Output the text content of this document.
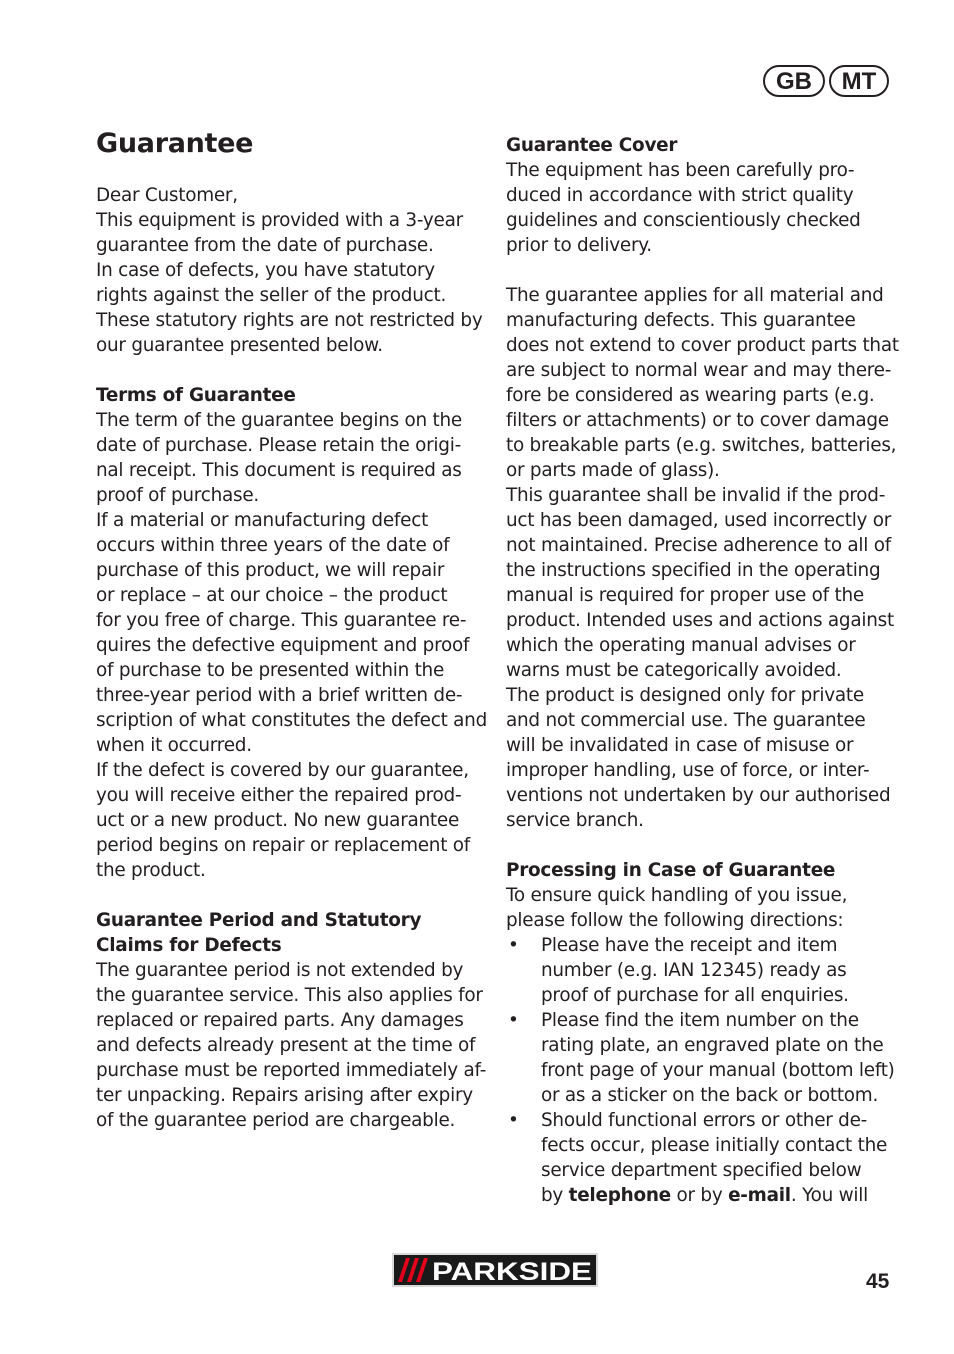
GB	MT
Guarantee

Dear Customer,
This equipment is provided with a 3-year
guarantee from the date of purchase.
In case of defects, you have statutory
rights against the seller of the product.
These statutory rights are not restricted by
our guarantee presented below.

Terms of Guarantee

The term of the guarantee begins on the
date of purchase. Please retain the origi-
nal receipt. This document is required as
proof of purchase.
If a material or manufacturing defect
occurs within three years of the date of
purchase of this product, we will repair
or replace – at our choice – the product
for you free of charge. This guarantee re-
quires the defective equipment and proof
of purchase to be presented within the
three-year period with a brief written de-
scription of what constitutes the defect and
when it occurred.
If the defect is covered by our guarantee,
you will receive either the repaired prod-
uct or a new product. No new guarantee
period begins on repair or replacement of
the product.

Guarantee Period and Statutory
Claims for Defects

The guarantee period is not extended by
the guarantee service. This also applies for
replaced or repaired parts. Any damages
and defects already present at the time of
purchase must be reported immediately af-
ter unpacking. Repairs arising after expiry
of the guarantee period are chargeable.

Guarantee Cover

The equipment has been carefully pro-
duced in accordance with strict quality
guidelines and conscientiously checked
prior to delivery.

The guarantee applies for all material and
manufacturing defects. This guarantee
does not extend to cover product parts that
are subject to normal wear and may there-
fore be considered as wearing parts (e.g.
filters or attachments) or to cover damage
to breakable parts (e.g. switches, batteries,
or parts made of glass).
This guarantee shall be invalid if the prod-
uct has been damaged, used incorrectly or
not maintained. Precise adherence to all of
the instructions specified in the operating
manual is required for proper use of the
product. Intended uses and actions against
which the operating manual advises or
warns must be categorically avoided.
The product is designed only for private
and not commercial use. The guarantee
will be invalidated in case of misuse or
improper handling, use of force, or inter-
ventions not undertaken by our authorised
service branch.

Processing in Case of Guarantee

To ensure quick handling of you issue,
please follow the following directions:

• Please have the receipt and item
number (e.g. IAN 12345) ready as
proof of purchase for all enquiries.

• Please find the item number on the
rating plate, an engraved plate on the
front page of your manual (bottom left)
or as a sticker on the back or bottom.

• Should functional errors or other de-
fects occur, please initially contact the
service department specified below
by telephone or by e-mail. You will

PARKSIDE	45
